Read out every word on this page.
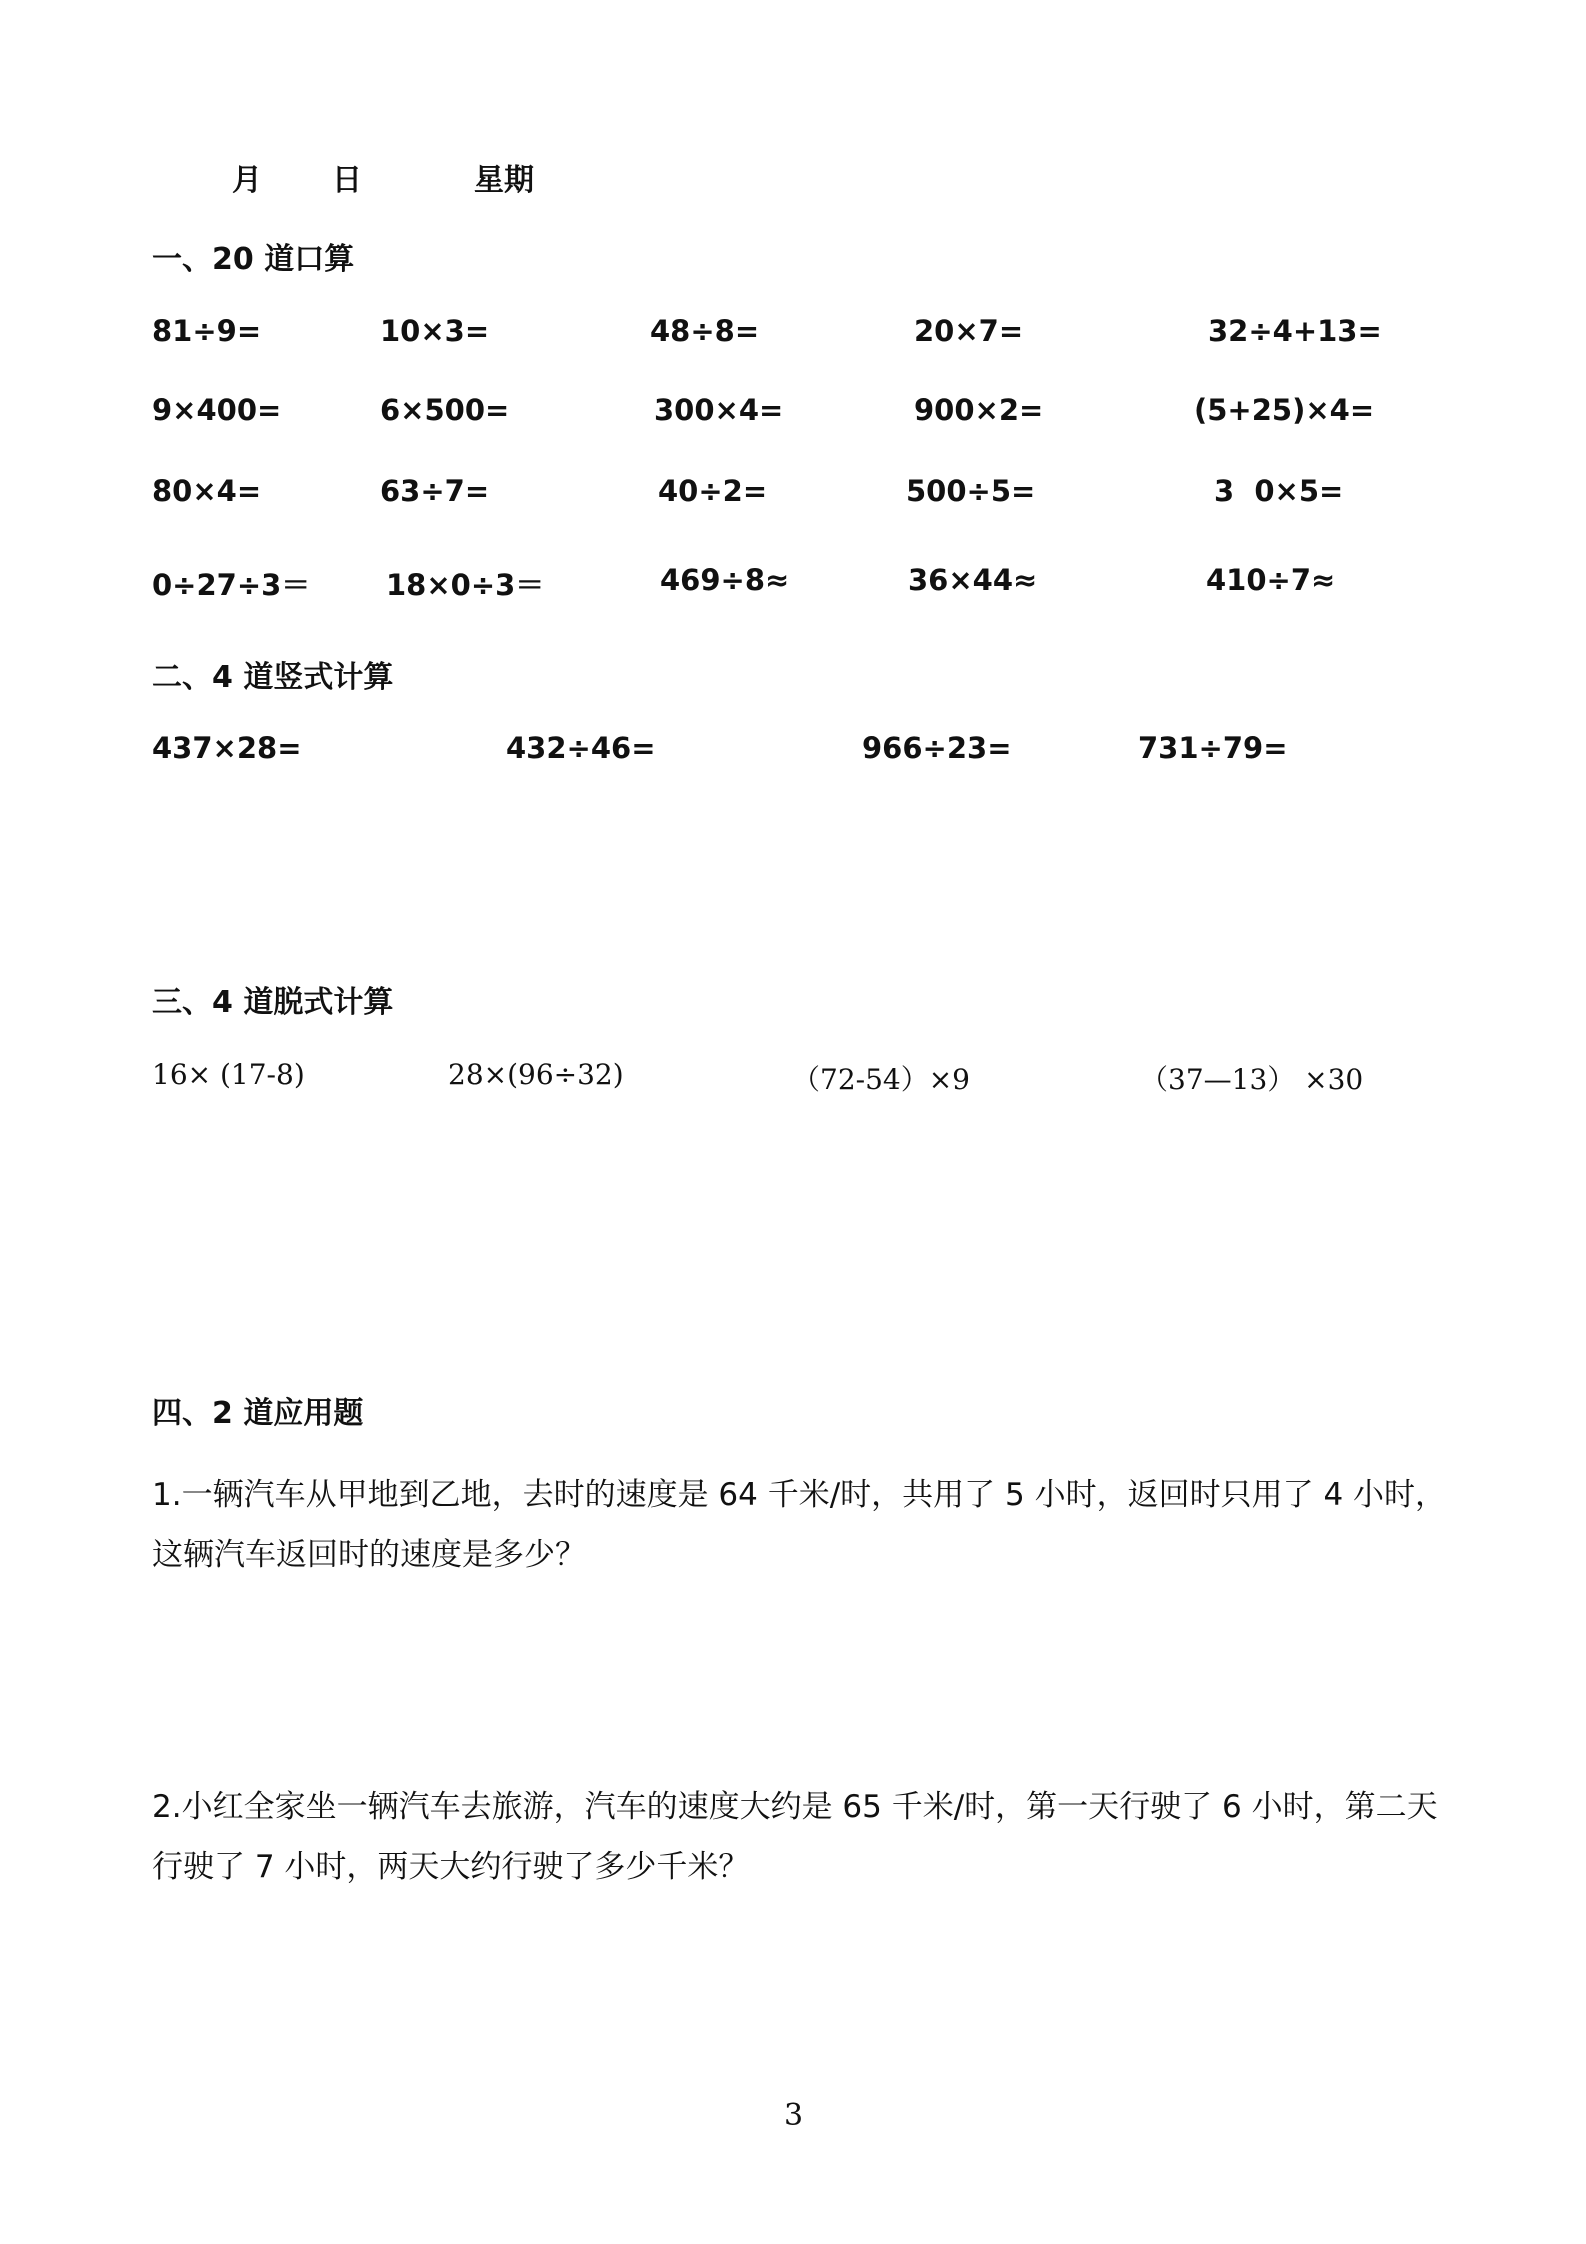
月 日	星期
一、20 道口算
81÷9=	10×3=	48÷8=	20×7=	32÷4+13=
9×400=	6×500=	300×4=	900×2=	(5+25)×4=
80×4=	63÷7=	40÷2=	500÷5=	3  0×5=
0÷27÷3＝	18×0÷3＝	469÷8≈	36×44≈	410÷7≈
二、4 道竖式计算
437×28=	432÷46=	966÷23=	731÷79=
三、4 道脱式计算
16× (17-8)	28×(96÷32)	（72-54）×9	（37—13） ×30
四、2 道应用题
1.一辆汽车从甲地到乙地，去时的速度是 64 千米/时，共用了 5 小时，返回时只用了 4 小时，这辆汽车返回时的速度是多少？
2.小红全家坐一辆汽车去旅游，汽车的速度大约是 65 千米/时，第一天行驶了 6 小时，第二天行驶了 7 小时，两天大约行驶了多少千米？
3
